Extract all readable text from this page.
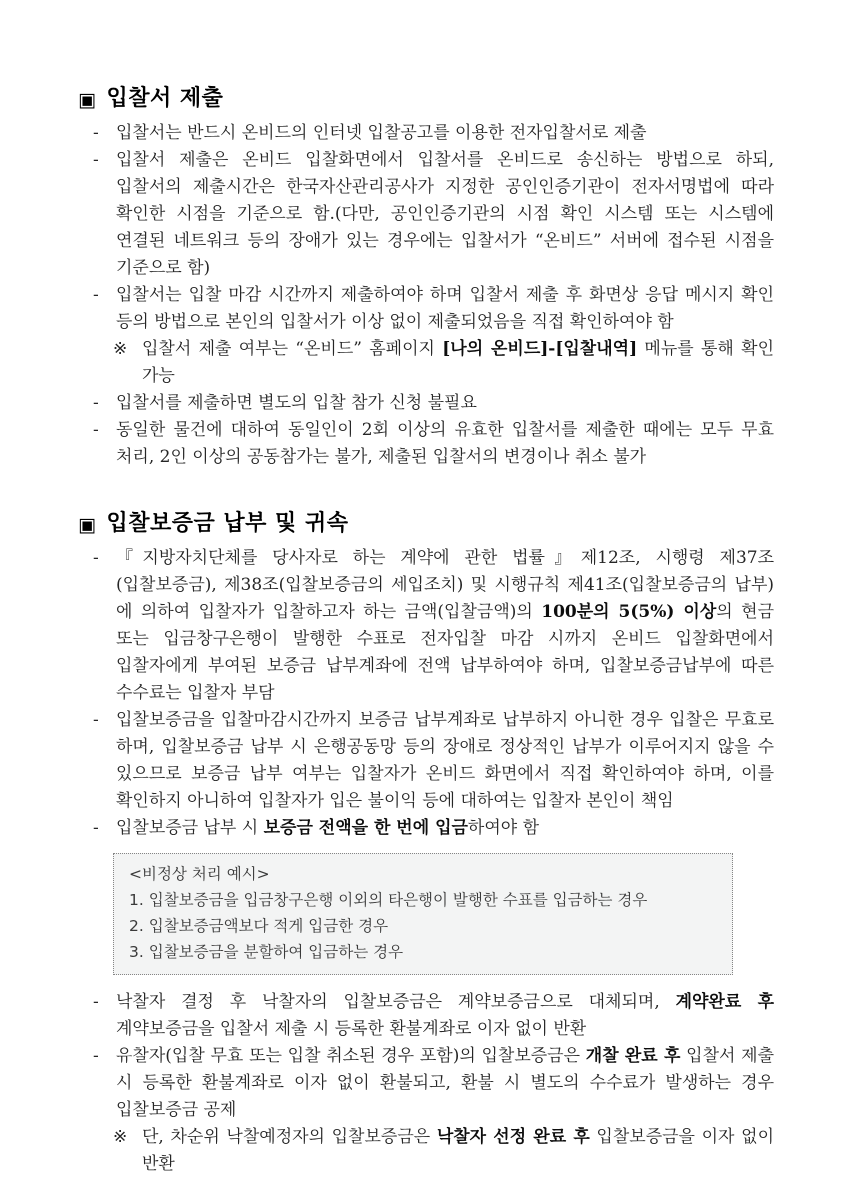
▣ 입찰서 제출
-	입찰서는 반드시 온비드의 인터넷 입찰공고를 이용한 전자입찰서로 제출
-	입찰서 제출은 온비드 입찰화면에서 입찰서를 온비드로 송신하는 방법으로 하되, 입찰서의 제출시간은 한국자산관리공사가 지정한 공인인증기관이 전자서명법에 따라 확인한 시점을 기준으로 함.(다만, 공인인증기관의 시점 확인 시스템 또는 시스템에 연결된 네트워크 등의 장애가 있는 경우에는 입찰서가 “온비드” 서버에 접수된 시점을 기준으로 함)
-	입찰서는 입찰 마감 시간까지 제출하여야 하며 입찰서 제출 후 화면상 응답 메시지 확인 등의 방법으로 본인의 입찰서가 이상 없이 제출되었음을 직접 확인하여야 함
※ 입찰서 제출 여부는 “온비드” 홈페이지 [나의 온비드]-[입찰내역] 메뉴를 통해 확인 가능
-	입찰서를 제출하면 별도의 입찰 참가 신청 불필요
-	동일한 물건에 대하여 동일인이 2회 이상의 유효한 입찰서를 제출한 때에는 모두 무효 처리, 2인 이상의 공동참가는 불가, 제출된 입찰서의 변경이나 취소 불가
▣ 입찰보증금 납부 및 귀속
-	『지방자치단체를 당사자로 하는 계약에 관한 법률』제12조, 시행령 제37조 (입찰보증금), 제38조(입찰보증금의 세입조치) 및 시행규칙 제41조(입찰보증금의 납부)에 의하여 입찰자가 입찰하고자 하는 금액(입찰금액)의 100분의 5(5%) 이상의 현금 또는 입금창구은행이 발행한 수표로 전자입찰 마감 시까지 온비드 입찰화면에서 입찰자에게 부여된 보증금 납부계좌에 전액 납부하여야 하며, 입찰보증금납부에 따른 수수료는 입찰자 부담
-	입찰보증금을 입찰마감시간까지 보증금 납부계좌로 납부하지 아니한 경우 입찰은 무효로 하며, 입찰보증금 납부 시 은행공동망 등의 장애로 정상적인 납부가 이루어지지 않을 수 있으므로 보증금 납부 여부는 입찰자가 온비드 화면에서 직접 확인하여야 하며, 이를 확인하지 아니하여 입찰자가 입은 불이익 등에 대하여는 입찰자 본인이 책임
-	입찰보증금 납부 시 보증금 전액을 한 번에 입금하여야 함
<비정상 처리 예시>
1. 입찰보증금을 입금창구은행 이외의 타은행이 발행한 수표를 입금하는 경우
2. 입찰보증금액보다 적게 입금한 경우
3. 입찰보증금을 분할하여 입금하는 경우
-	낙찰자 결정 후 낙찰자의 입찰보증금은 계약보증금으로 대체되며, 계약완료 후 계약보증금을 입찰서 제출 시 등록한 환불계좌로 이자 없이 반환
-	유찰자(입찰 무효 또는 입찰 취소된 경우 포함)의 입찰보증금은 개찰 완료 후 입찰서 제출 시 등록한 환불계좌로 이자 없이 환불되고, 환불 시 별도의 수수료가 발생하는 경우 입찰보증금 공제
※ 단, 차순위 낙찰예정자의 입찰보증금은 낙찰자 선정 완료 후 입찰보증금을 이자 없이 반환
